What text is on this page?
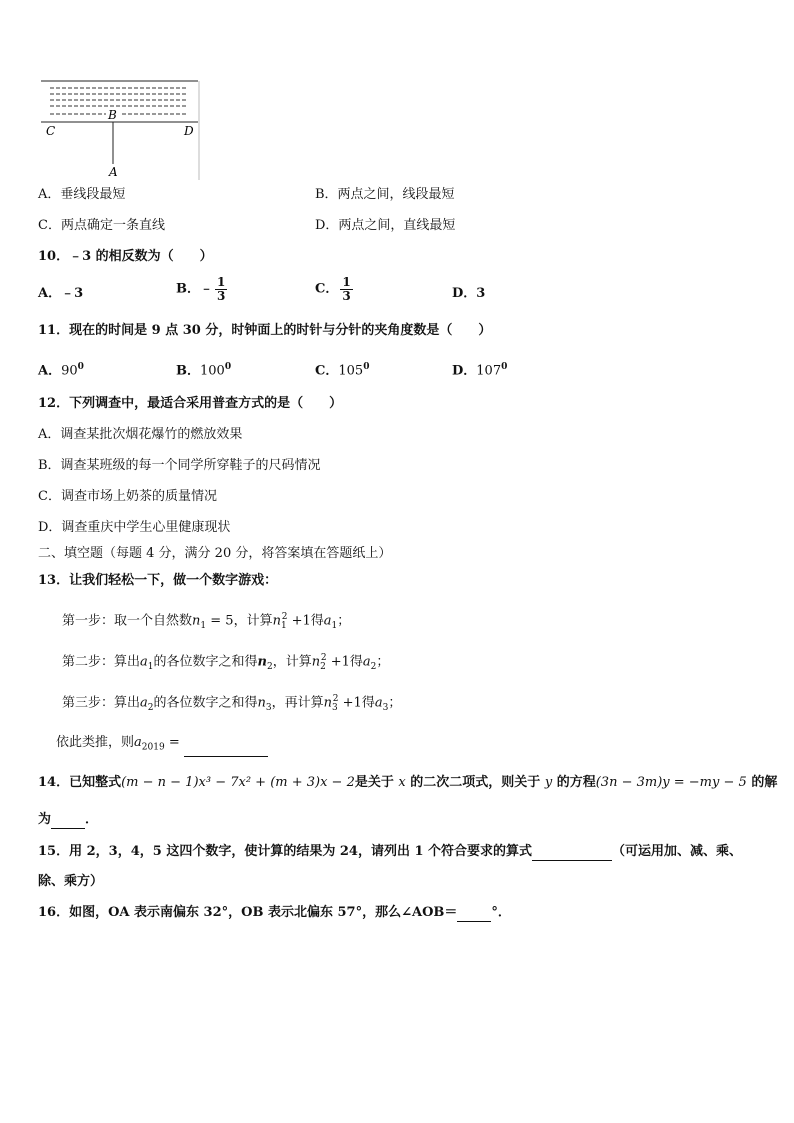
B
C	D
A
A．垂线段最短	B．两点之间，线段最短
C．两点确定一条直线	D．两点之间，直线最短
10．﹣3 的相反数为（　　）
A．﹣3	B．﹣ $\frac{1}{3}$	C． $\frac{1}{3}$	D．3
11．现在的时间是 9 点 30 分，时钟面上的时针与分针的夹角度数是（　　）
A．$90^0$	B．$100^0$	C．$105^0$	D．$107^0$
12．下列调查中，最适合采用普查方式的是（　　）
A．调查某批次烟花爆竹的燃放效果
B．调查某班级的每一个同学所穿鞋子的尺码情况
C．调查市场上奶茶的质量情况
D．调查重庆中学生心里健康现状
二、填空题（每题 4 分，满分 20 分，将答案填在答题纸上）
13．让我们轻松一下，做一个数字游戏：
第一步：取一个自然数$n_1 = 5$，计算$n_1^2 +1$得$a_1$；
第二步：算出$a_1$的各位数字之和得$n_2$，计算$n_2^2 +1$得$a_2$；
第三步：算出$a_2$的各位数字之和得$n_3$，再计算$n_3^2 +1$得$a_3$；
依此类推，则$a_{2019}$ =
14．已知整式(m − n − 1)x³ − 7x² + (m + 3)x − 2是关于 x 的二次二项式，则关于 y 的方程(3n − 3m)y = −my − 5 的解
为	．
15．用 2，3，4，5 这四个数字，使计算的结果为 24，请列出 1 个符合要求的算式	（可运用加、减、乘、
除、乘方）
16．如图，OA 表示南偏东 32°，OB 表示北偏东 57°，那么∠AOB＝	°．
